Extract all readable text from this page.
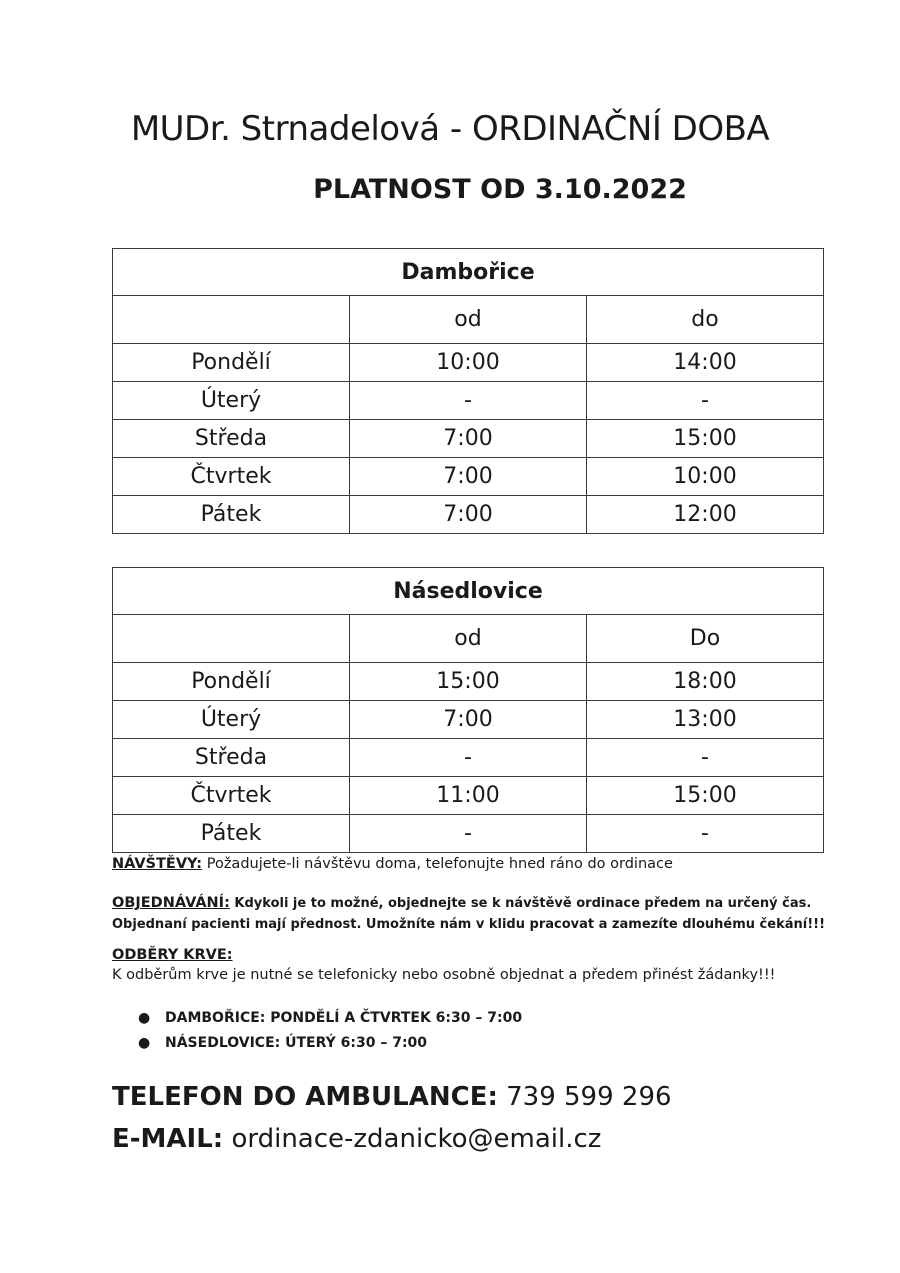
MUDr. Strnadelová - ORDINAČNÍ DOBA
PLATNOST OD 3.10.2022
Dambořice		
	od	do
Pondělí	10:00	14:00
Úterý	-	-
Středa	7:00	15:00
Čtvrtek	7:00	10:00
Pátek	7:00	12:00
Násedlovice		
	od	Do
Pondělí	15:00	18:00
Úterý	7:00	13:00
Středa	-	-
Čtvrtek	11:00	15:00
Pátek	-	-
NÁVŠTĚVY: Požadujete-li návštěvu doma, telefonujte hned ráno do ordinace
OBJEDNÁVÁNÍ: Kdykoli je to možné, objednejte se k návštěvě ordinace předem na určený čas.
Objednaní pacienti mají přednost. Umožníte nám v klidu pracovat a zamezíte dlouhému čekání!!!
ODBĚRY KRVE:
K odběrům krve je nutné se telefonicky nebo osobně objednat a předem přinést žádanky!!!
● DAMBOŘICE: PONDĚLÍ A ČTVRTEK 6:30 – 7:00
● NÁSEDLOVICE: ÚTERÝ 6:30 – 7:00
TELEFON DO AMBULANCE: 739 599 296
E-MAIL: ordinace-zdanicko@email.cz
